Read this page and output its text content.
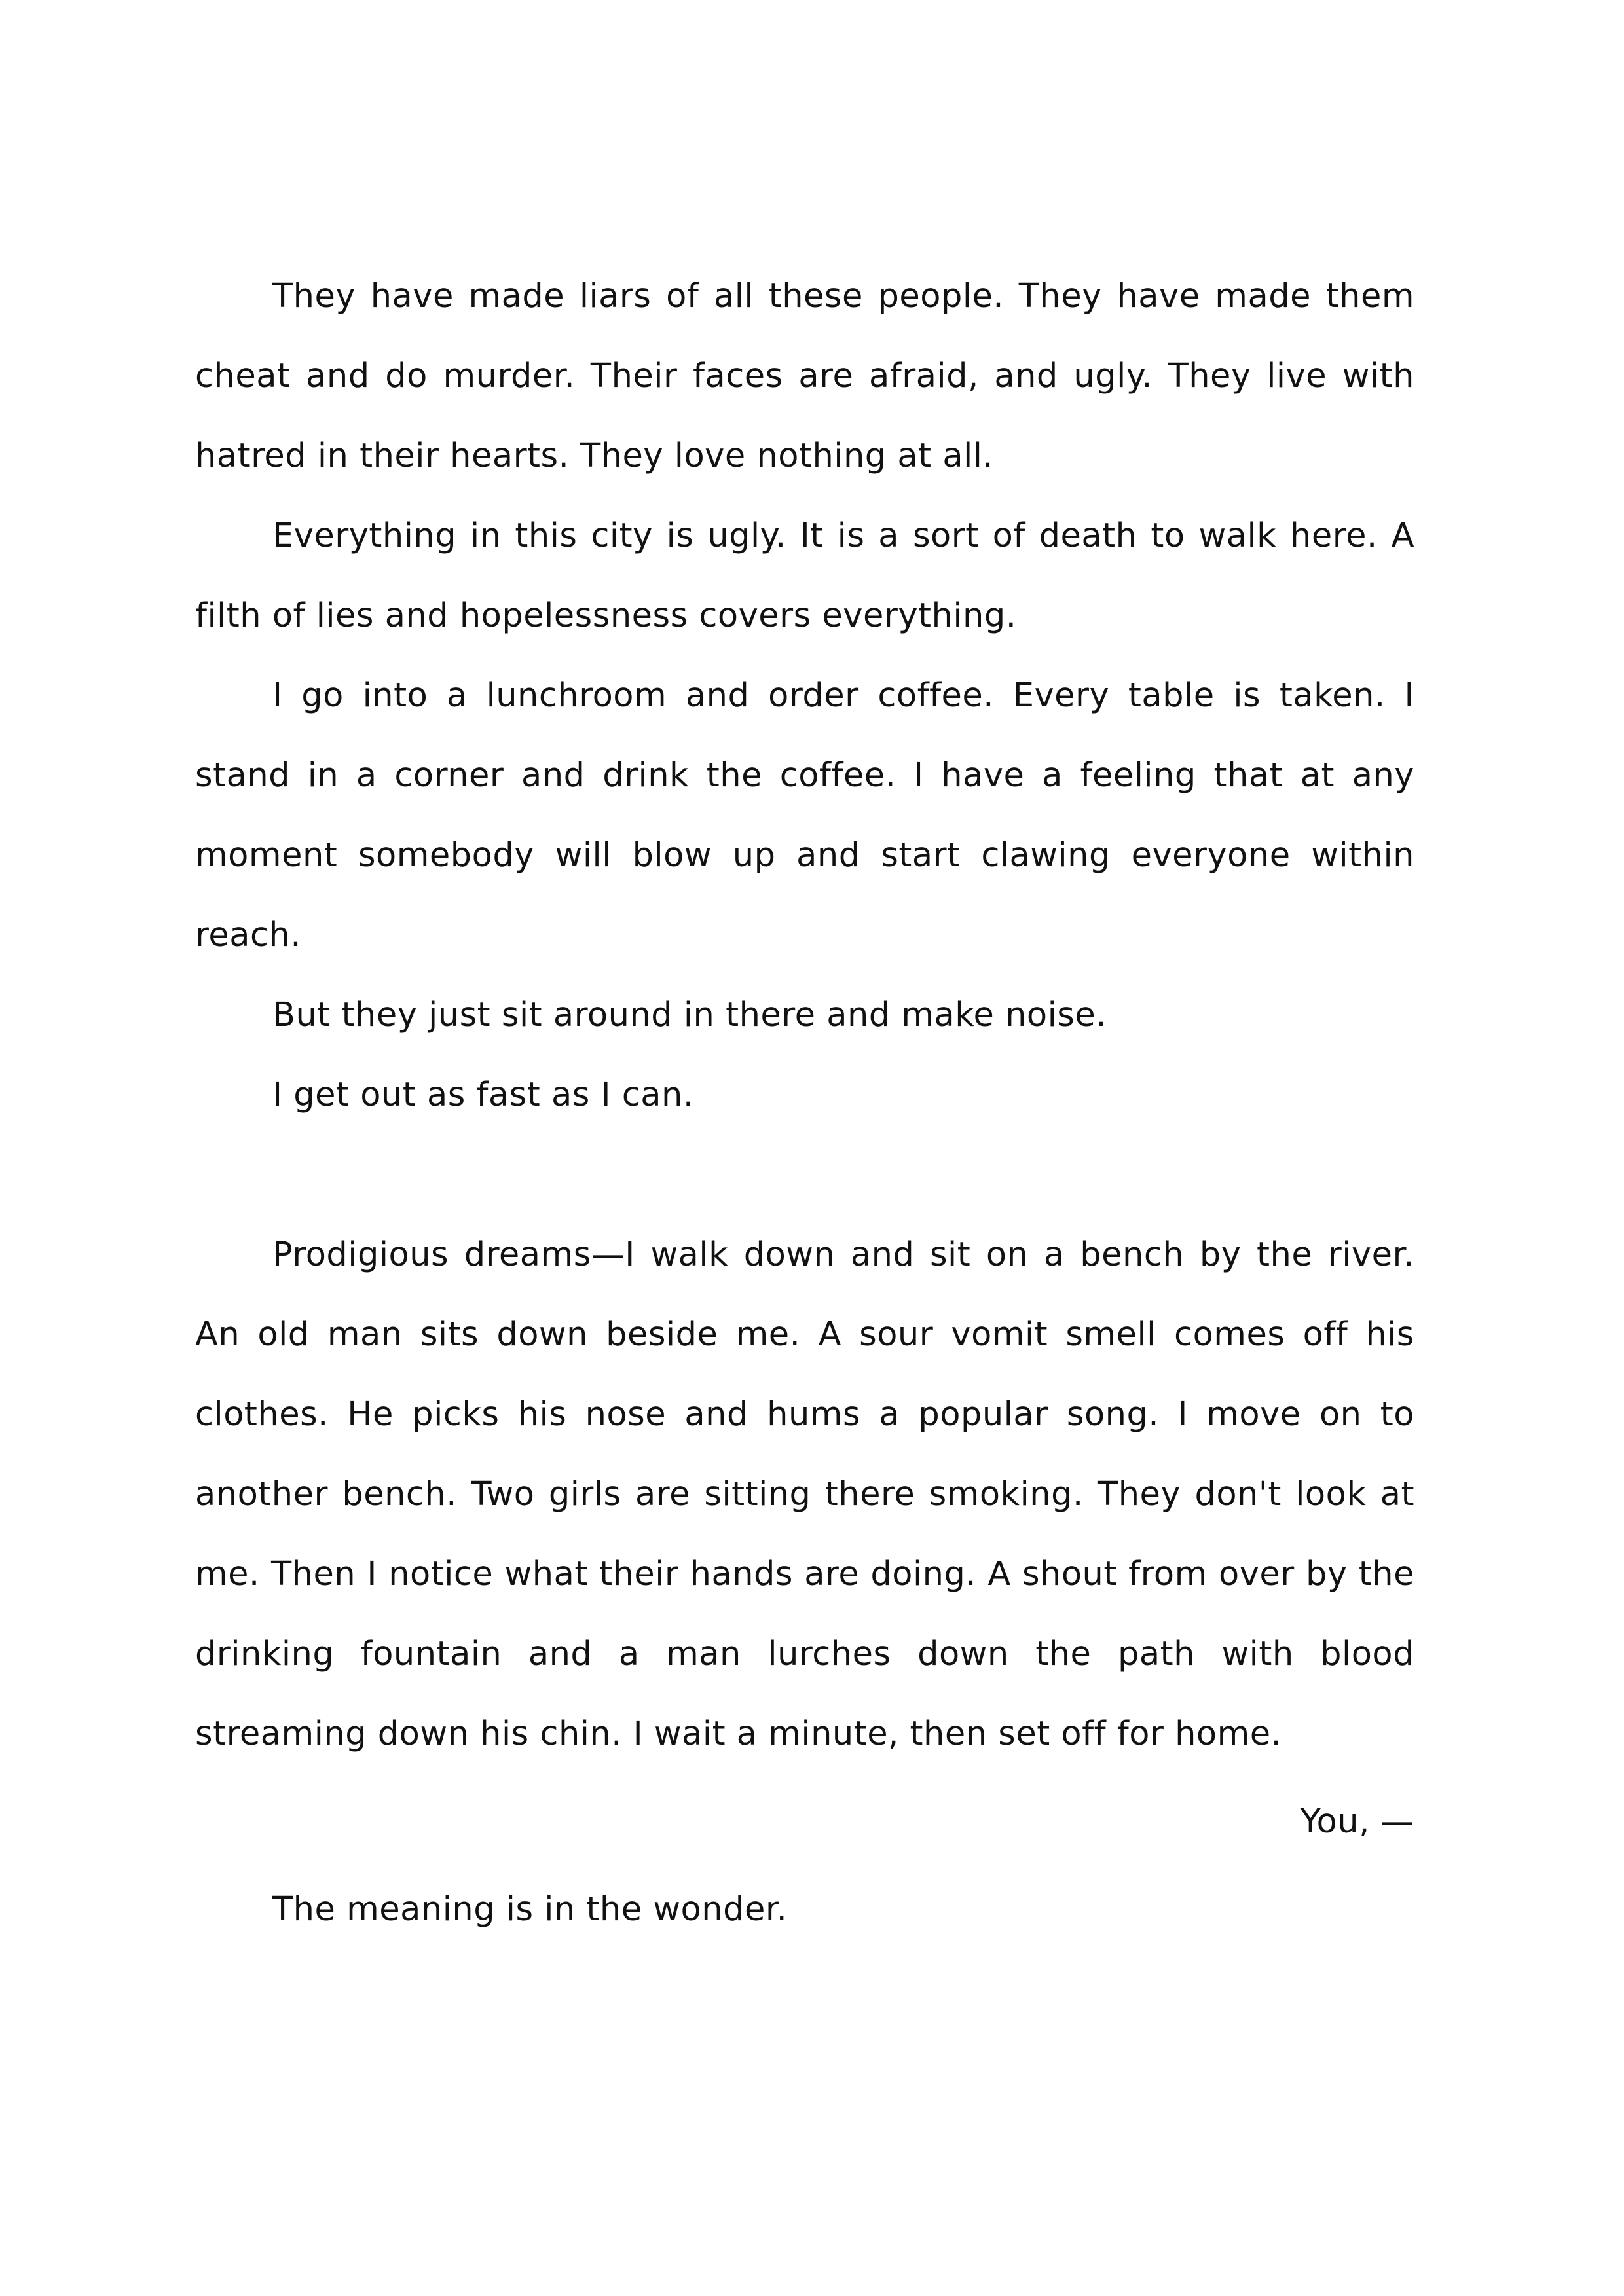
They have made liars of all these people. They have made them cheat and do murder. Their faces are afraid, and ugly. They live with hatred in their hearts. They love nothing at all.

Everything in this city is ugly. It is a sort of death to walk here. A filth of lies and hopelessness covers everything.

I go into a lunchroom and order coffee. Every table is taken. I stand in a corner and drink the coffee. I have a feeling that at any moment somebody will blow up and start clawing everyone within reach.

But they just sit around in there and make noise.

I get out as fast as I can.

Prodigious dreams—I walk down and sit on a bench by the river. An old man sits down beside me. A sour vomit smell comes off his clothes. He picks his nose and hums a popular song. I move on to another bench. Two girls are sitting there smoking. They don't look at me. Then I notice what their hands are doing. A shout from over by the drinking fountain and a man lurches down the path with blood streaming down his chin. I wait a minute, then set off for home.

You, —

The meaning is in the wonder.
